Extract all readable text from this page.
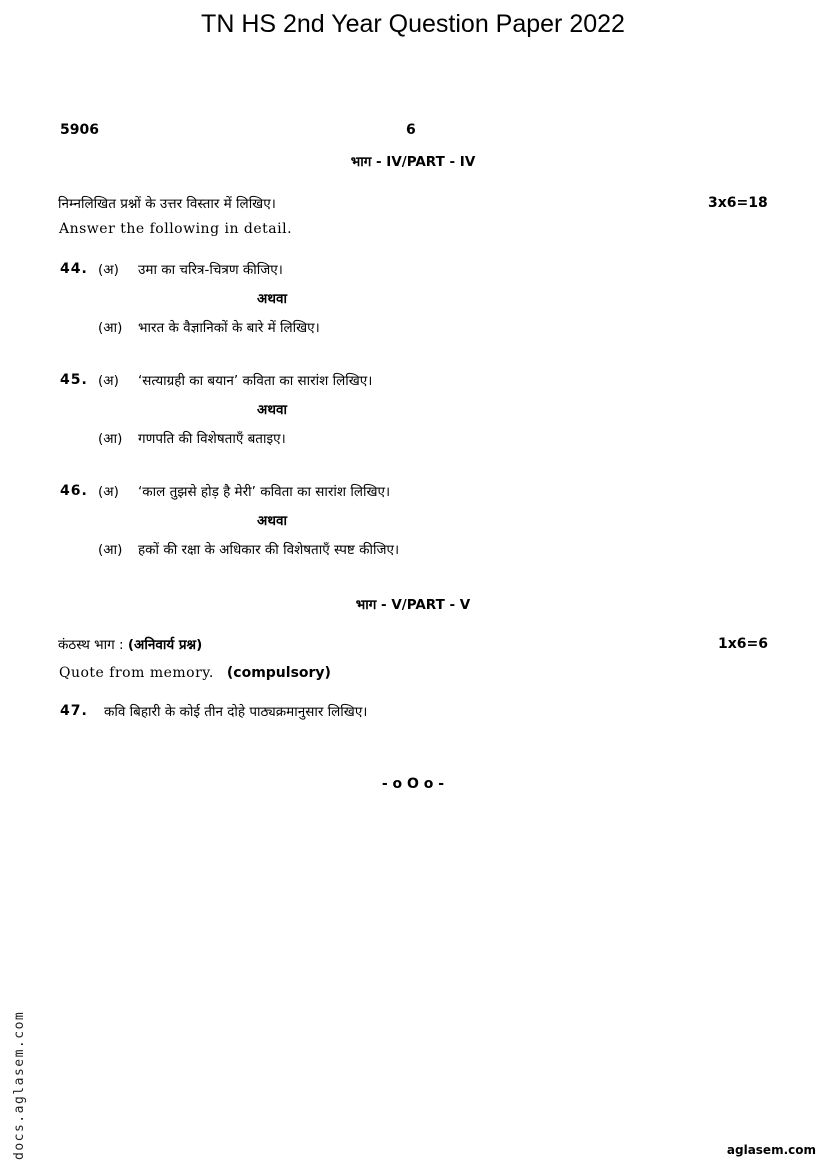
TN HS 2nd Year Question Paper 2022
5906	6
भाग - IV/PART - IV
निम्नलिखित प्रश्नों के उत्तर विस्तार में लिखिए।	3x6=18
Answer the following in detail.
44. (अ) उमा का चरित्र-चित्रण कीजिए।
अथवा
(आ) भारत के वैज्ञानिकों के बारे में लिखिए।
45. (अ) ‘सत्याग्रही का बयान’ कविता का सारांश लिखिए।
अथवा
(आ) गणपति की विशेषताएँ बताइए।
46. (अ) ‘काल तुझसे होड़ है मेरी’ कविता का सारांश लिखिए।
अथवा
(आ) हकों की रक्षा के अधिकार की विशेषताएँ स्पष्ट कीजिए।
भाग - V/PART - V
कंठस्थ भाग : (अनिवार्य प्रश्न)	1x6=6
Quote from memory. (compulsory)
47. कवि बिहारी के कोई तीन दोहे पाठ्यक्रमानुसार लिखिए।
- o O o -
docs.aglasem.com	aglasem.com
